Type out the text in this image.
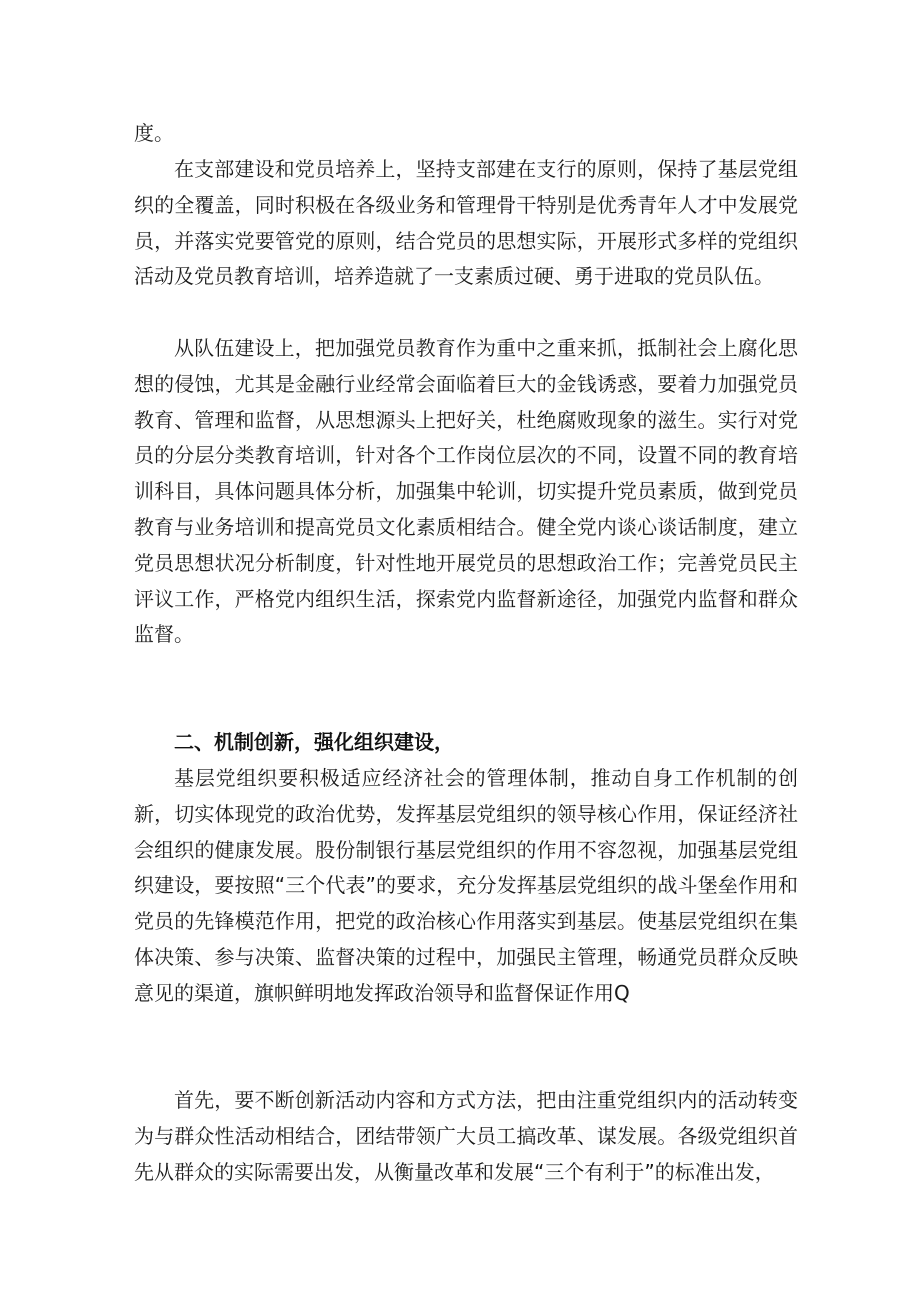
度。

在支部建设和党员培养上，坚持支部建在支行的原则，保持了基层党组织的全覆盖，同时积极在各级业务和管理骨干特别是优秀青年人才中发展党员，并落实党要管党的原则，结合党员的思想实际，开展形式多样的党组织活动及党员教育培训，培养造就了一支素质过硬、勇于进取的党员队伍。

从队伍建设上，把加强党员教育作为重中之重来抓，抵制社会上腐化思想的侵蚀，尤其是金融行业经常会面临着巨大的金钱诱惑，要着力加强党员教育、管理和监督，从思想源头上把好关，杜绝腐败现象的滋生。实行对党员的分层分类教育培训，针对各个工作岗位层次的不同，设置不同的教育培训科目，具体问题具体分析，加强集中轮训，切实提升党员素质，做到党员教育与业务培训和提高党员文化素质相结合。健全党内谈心谈话制度，建立党员思想状况分析制度，针对性地开展党员的思想政治工作；完善党员民主评议工作，严格党内组织生活，探索党内监督新途径，加强党内监督和群众监督。

二、机制创新，强化组织建设，

基层党组织要积极适应经济社会的管理体制，推动自身工作机制的创新，切实体现党的政治优势，发挥基层党组织的领导核心作用，保证经济社会组织的健康发展。股份制银行基层党组织的作用不容忽视，加强基层党组织建设，要按照“三个代表”的要求，充分发挥基层党组织的战斗堡垒作用和党员的先锋模范作用，把党的政治核心作用落实到基层。使基层党组织在集体决策、参与决策、监督决策的过程中，加强民主管理，畅通党员群众反映意见的渠道，旗帜鲜明地发挥政治领导和监督保证作用Q

首先，要不断创新活动内容和方式方法，把由注重党组织内的活动转变为与群众性活动相结合，团结带领广大员工搞改革、谋发展。各级党组织首先从群众的实际需要出发，从衡量改革和发展“三个有利于”的标准出发，
